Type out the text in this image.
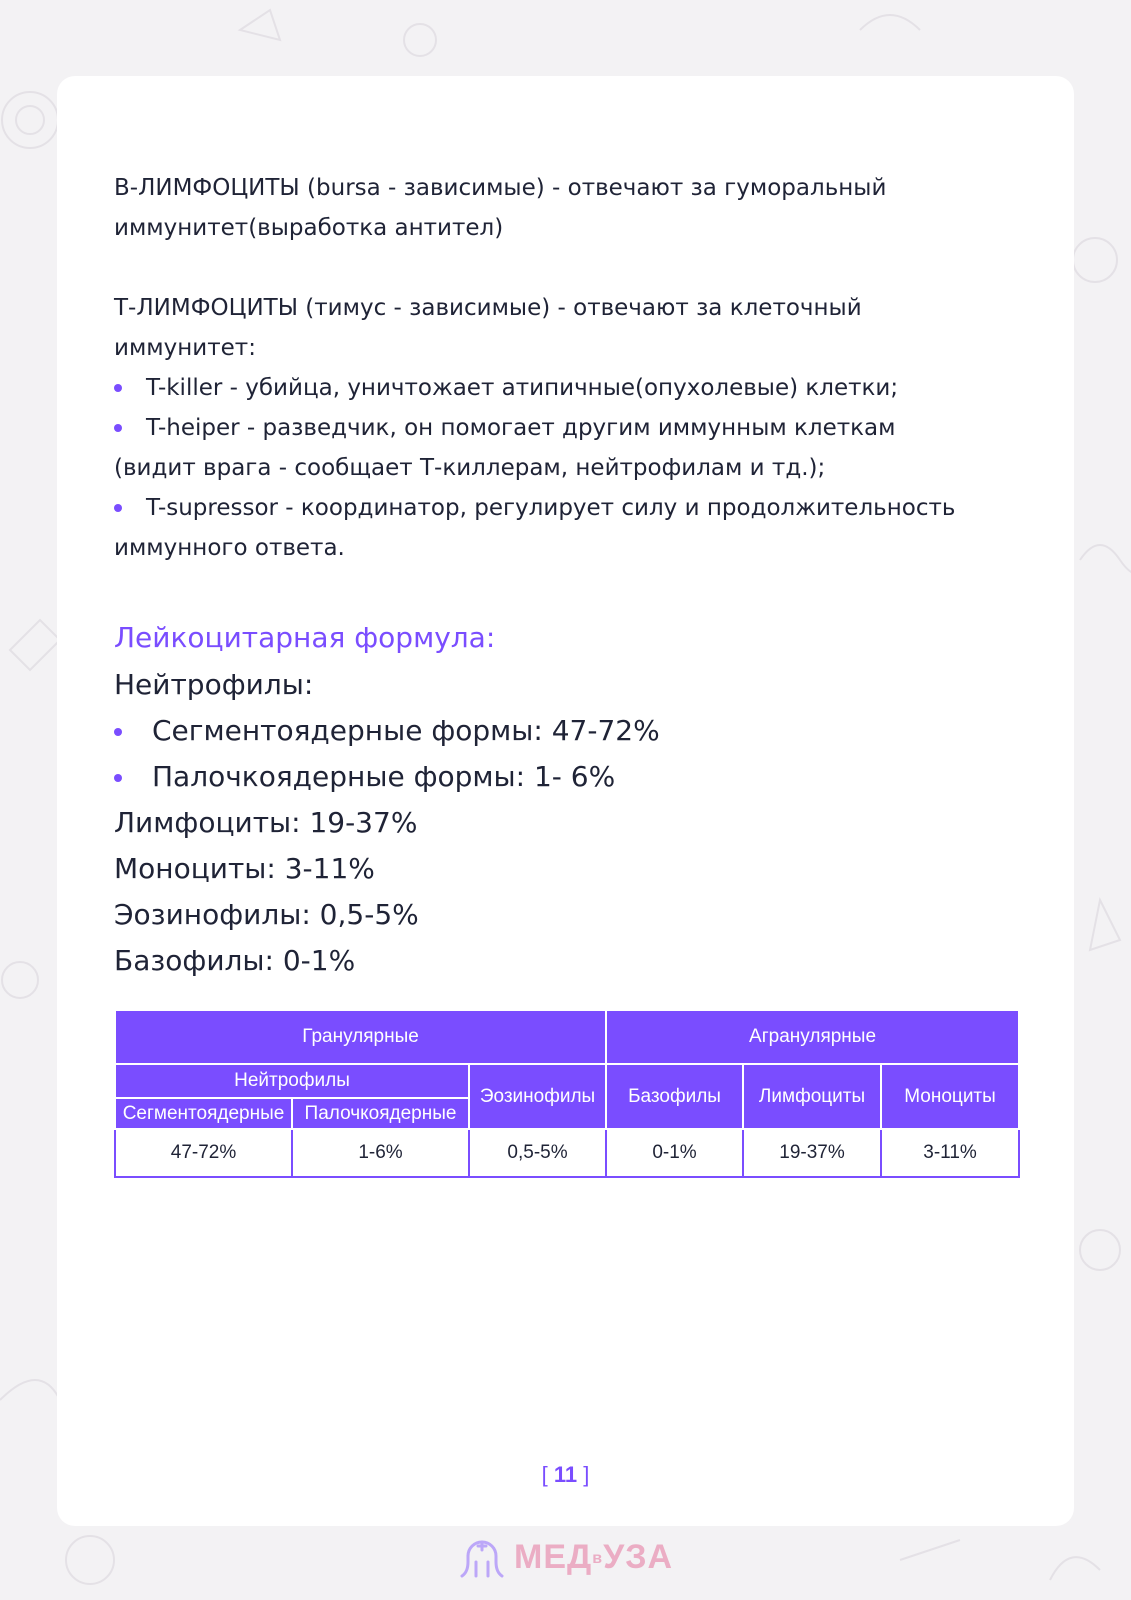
В-ЛИМФОЦИТЫ (bursa - зависимые) - отвечают за гуморальный

иммунитет(выработка антител)

Т-ЛИМФОЦИТЫ (тимус - зависимые) - отвечают за клеточный

иммунитет:

T-killer - убийца, уничтожает атипичные(опухолевые) клетки;
T-heiper - разведчик, он помогает другим иммунным клеткам

(видит врага - сообщает Т-киллерам, нейтрофилам и тд.);

T-supressor - координатор, регулирует силу и продолжительность

иммунного ответа.

Лейкоцитарная формула:

Нейтрофилы:

Сегментоядерные формы: 47-72%
Палочкоядерные формы: 1- 6%

Лимфоциты: 19-37%

Моноциты: 3-11%

Эозинофилы: 0,5-5%

Базофилы: 0-1%

Гранулярные			Агранулярные		
Нейтрофилы		Эозинофилы	Базофилы	Лимфоциты	Моноциты
Сегментоядерные	Палочкоядерные				
47-72%	1-6%	0,5-5%	0-1%	19-37%	3-11%
[ 11 ]
МЕДвУЗА
